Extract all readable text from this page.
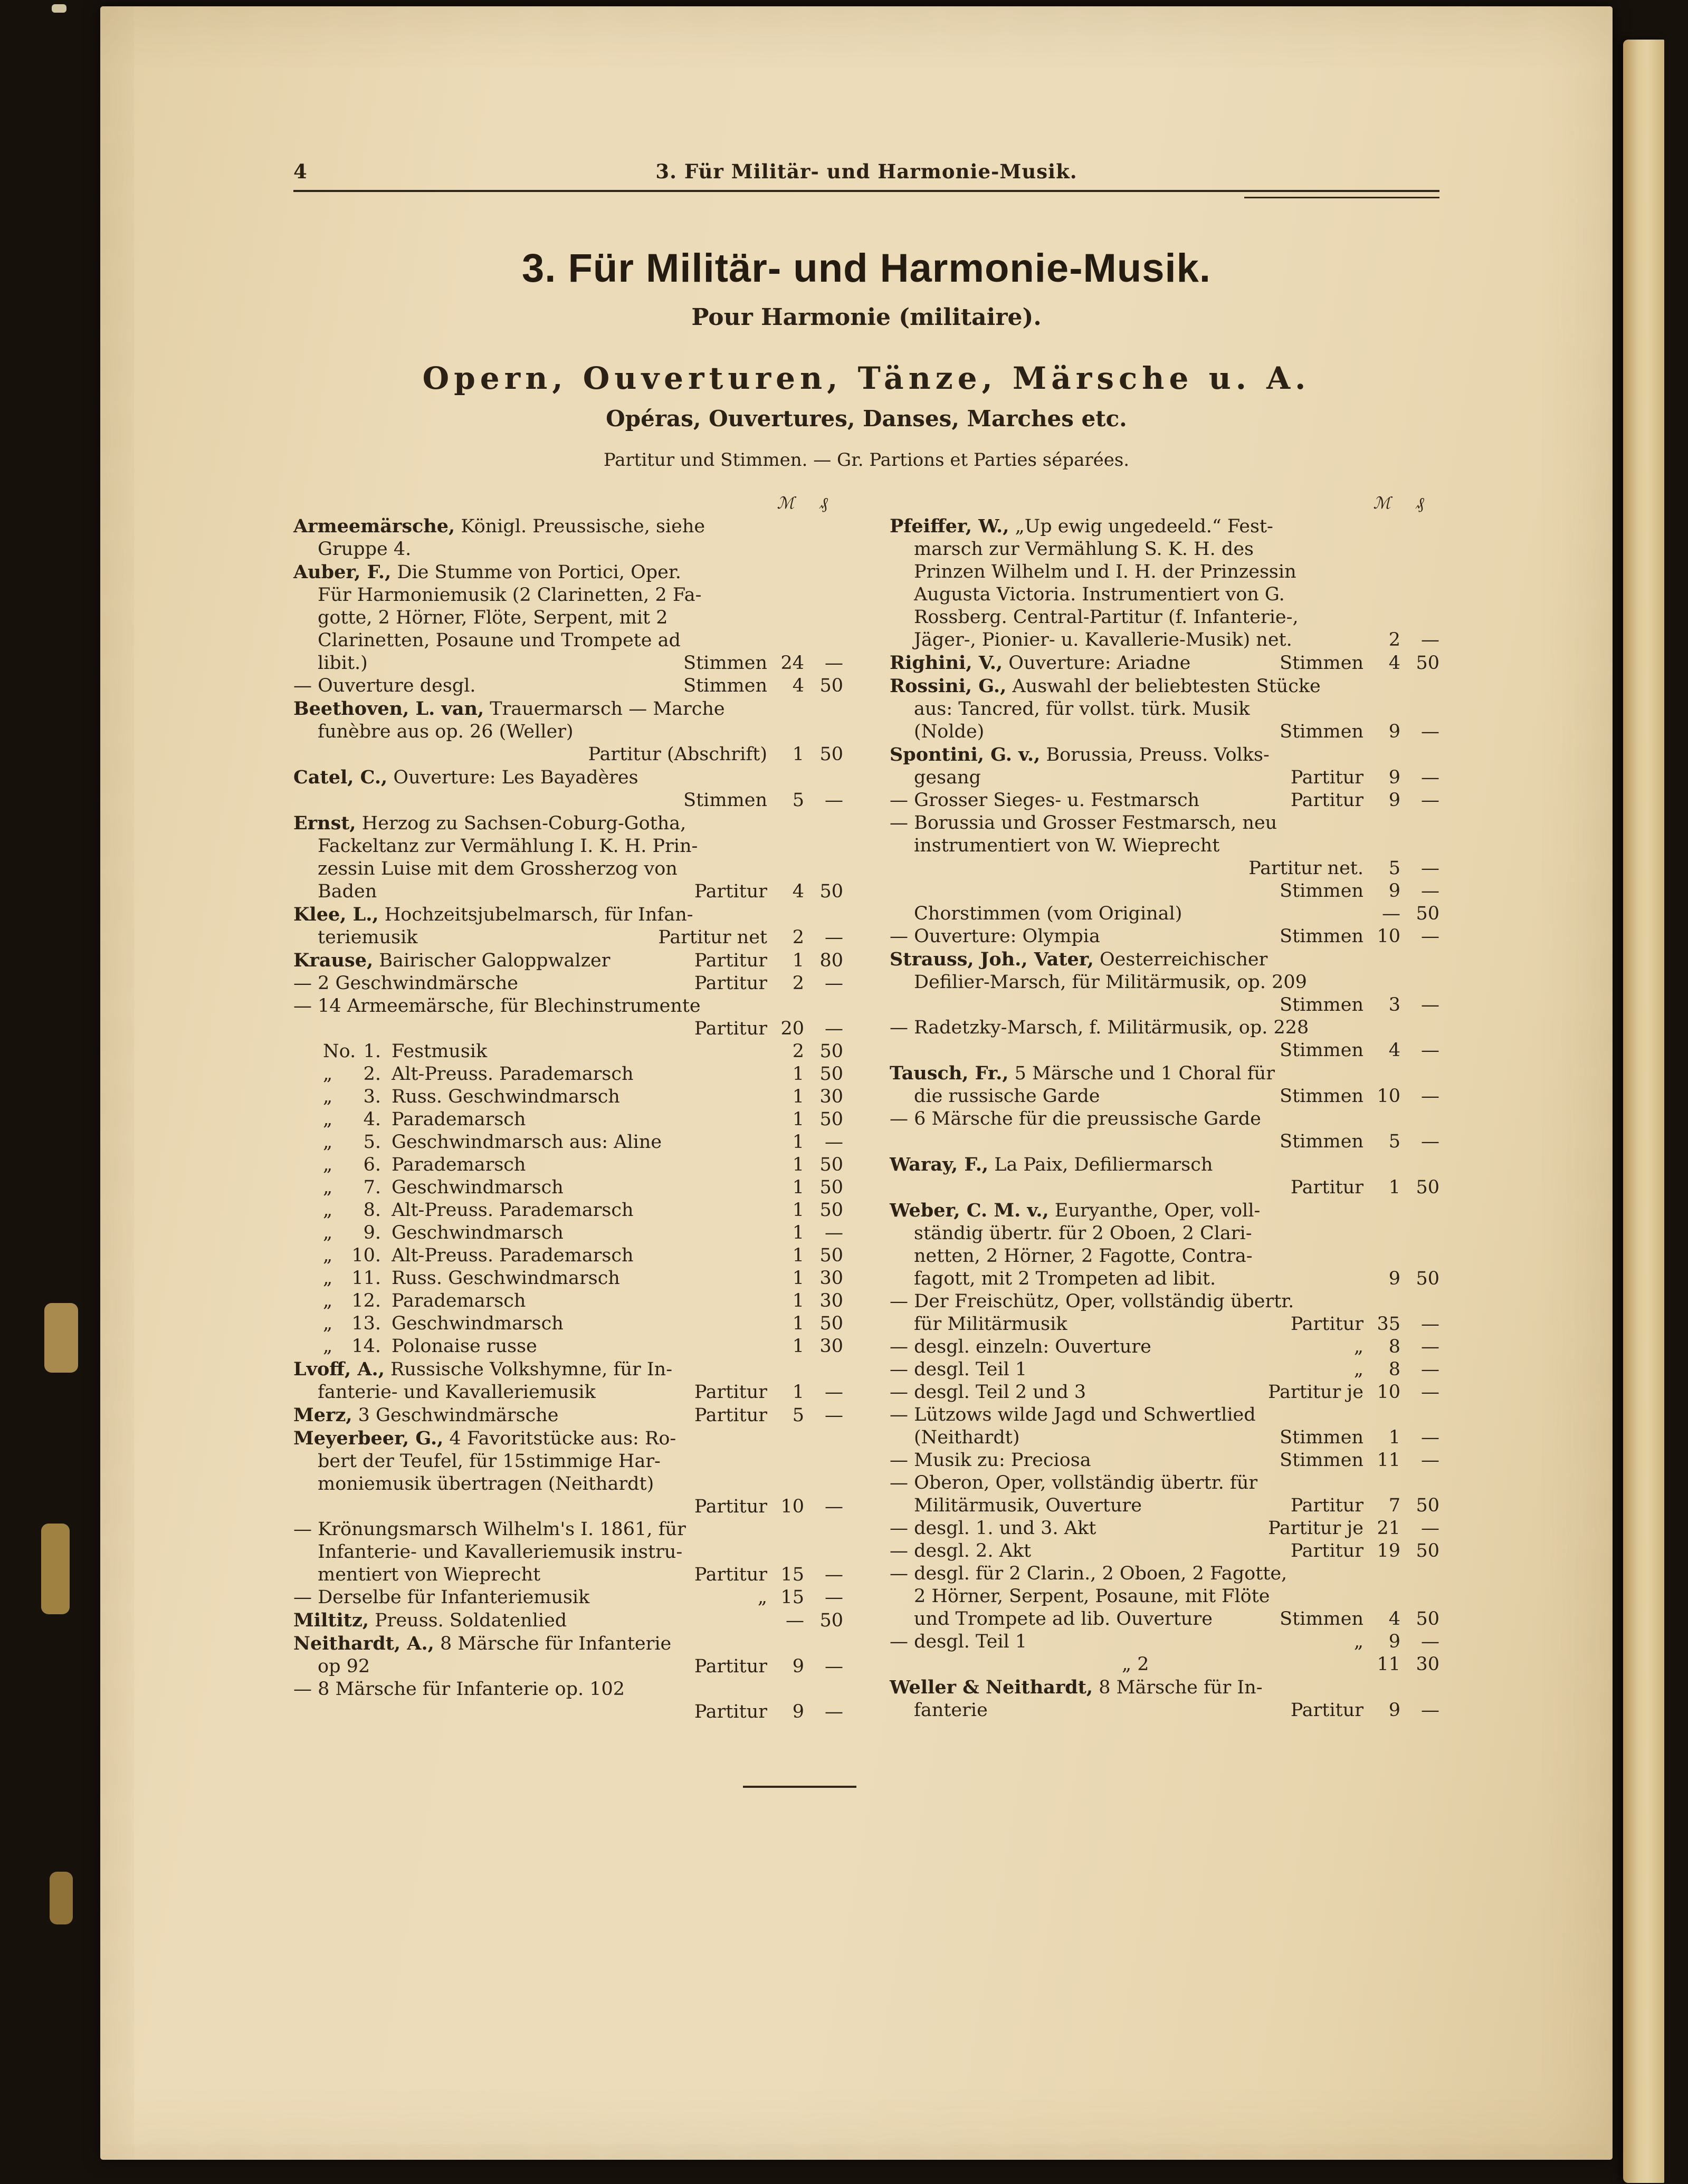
4	3. Für Militär- und Harmonie-Musik.
3. Für Militär- und Harmonie-Musik.
Pour Harmonie (militaire).
Opern, Ouverturen, Tänze, Märsche u. A.
Opéras, Ouvertures, Danses, Marches etc.
Partitur und Stimmen. — Gr. Partions et Parties séparées.
ℳ	₰
Armeemärsche, Königl. Preussische, siehe
Gruppe 4.
Auber, F., Die Stumme von Portici, Oper.
Für Harmoniemusik (2 Clarinetten, 2 Fa-
gotte, 2 Hörner, Flöte, Serpent, mit 2
Clarinetten, Posaune und Trompete ad
libit.)	Stimmen 24	—
— Ouverture desgl.	Stimmen	4 50
Beethoven, L. van, Trauermarsch — Marche
funèbre aus op. 26 (Weller)
Partitur (Abschrift)	1 50
Catel, C., Ouverture: Les Bayadères
Stimmen	5	—
Ernst, Herzog zu Sachsen-Coburg-Gotha,
Fackeltanz zur Vermählung I. K. H. Prin-
zessin Luise mit dem Grossherzog von
Baden	Partitur	4 50
Klee, L., Hochzeitsjubelmarsch, für Infan-
teriemusik	Partitur net	2	—
Krause, Bairischer Galoppwalzer	Partitur	1 80
— 2 Geschwindmärsche	Partitur	2	—
— 14 Armeemärsche, für Blechinstrumente
Partitur 20	—
No. 1. Festmusik	2 50
„	2. Alt-Preuss. Parademarsch	1 50
„	3. Russ. Geschwindmarsch	1 30
„	4. Parademarsch	1 50
„	5. Geschwindmarsch aus: Aline	1	—
„	6. Parademarsch	1 50
„	7. Geschwindmarsch	1 50
„	8. Alt-Preuss. Parademarsch	1 50
„	9. Geschwindmarsch	1	—
„	10. Alt-Preuss. Parademarsch	1 50
„	11. Russ. Geschwindmarsch	1 30
„	12. Parademarsch	1 30
„	13. Geschwindmarsch	1 50
„	14. Polonaise russe	1 30
Lvoff, A., Russische Volkshymne, für In-
fanterie- und Kavalleriemusik	Partitur	1	—
Merz, 3 Geschwindmärsche	Partitur	5	—
Meyerbeer, G., 4 Favoritstücke aus: Ro-
bert der Teufel, für 15stimmige Har-
moniemusik übertragen (Neithardt)
Partitur 10	—
— Krönungsmarsch Wilhelm's I. 1861, für
Infanterie- und Kavalleriemusik instru-
mentiert von Wieprecht	Partitur 15	—
— Derselbe für Infanteriemusik	„ 15	—
Miltitz, Preuss. Soldatenlied	— 50
Neithardt, A., 8 Märsche für Infanterie
op 92	Partitur	9	—
— 8 Märsche für Infanterie op. 102
Partitur	9	—
ℳ	₰
Pfeiffer, W., „Up ewig ungedeeld.“ Fest-
marsch zur Vermählung S. K. H. des
Prinzen Wilhelm und I. H. der Prinzessin
Augusta Victoria. Instrumentiert von G.
Rossberg. Central-Partitur (f. Infanterie-,
Jäger-, Pionier- u. Kavallerie-Musik) net.	2	—
Righini, V., Ouverture: Ariadne	Stimmen	4 50
Rossini, G., Auswahl der beliebtesten Stücke
aus: Tancred, für vollst. türk. Musik
(Nolde)	Stimmen	9	—
Spontini, G. v., Borussia, Preuss. Volks-
gesang	Partitur	9	—
— Grosser Sieges- u. Festmarsch	Partitur	9	—
— Borussia und Grosser Festmarsch, neu
instrumentiert von W. Wieprecht
Partitur net.	5	—
Stimmen	9	—
Chorstimmen (vom Original)	— 50
— Ouverture: Olympia	Stimmen 10	—
Strauss, Joh., Vater, Oesterreichischer
Defilier-Marsch, für Militärmusik, op. 209
Stimmen	3	—
— Radetzky-Marsch, f. Militärmusik, op. 228
Stimmen	4	—
Tausch, Fr., 5 Märsche und 1 Choral für
die russische Garde	Stimmen 10	—
— 6 Märsche für die preussische Garde
Stimmen	5	—
Waray, F., La Paix, Defiliermarsch
Partitur	1 50
Weber, C. M. v., Euryanthe, Oper, voll-
ständig übertr. für 2 Oboen, 2 Clari-
netten, 2 Hörner, 2 Fagotte, Contra-
fagott, mit 2 Trompeten ad libit.	9 50
— Der Freischütz, Oper, vollständig übertr.
für Militärmusik	Partitur 35	—
— desgl. einzeln: Ouverture	„	8	—
— desgl. Teil 1	„	8	—
— desgl. Teil 2 und 3	Partitur je 10	—
— Lützows wilde Jagd und Schwertlied
(Neithardt)	Stimmen	1	—
— Musik zu: Preciosa	Stimmen 11	—
— Oberon, Oper, vollständig übertr. für
Militärmusik, Ouverture	Partitur	7 50
— desgl. 1. und 3. Akt	Partitur je 21	—
— desgl. 2. Akt	Partitur 19 50
— desgl. für 2 Clarin., 2 Oboen, 2 Fagotte,
2 Hörner, Serpent, Posaune, mit Flöte
und Trompete ad lib. Ouverture	Stimmen	4 50
— desgl. Teil 1	„	9	—
„ 2	11 30
Weller & Neithardt, 8 Märsche für In-
fanterie	Partitur	9	—
